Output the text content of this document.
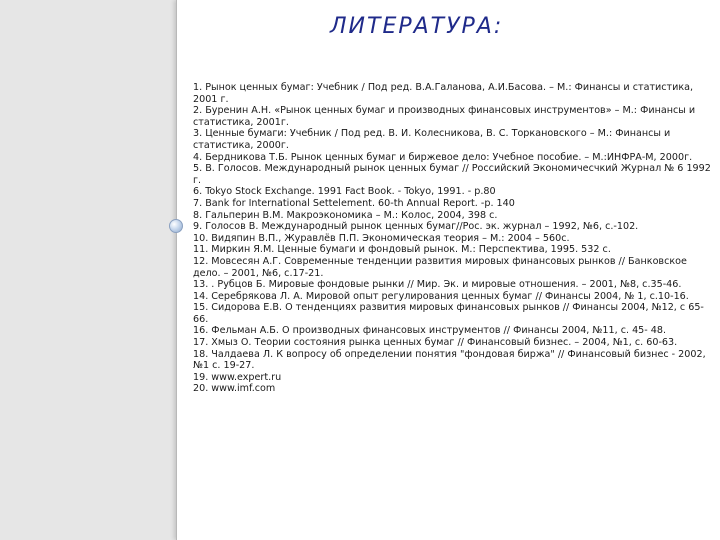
ЛИТЕРАТУРА:
1. Рынок ценных бумаг: Учебник / Под ред. В.А.Галанова, А.И.Басова. – М.: Финансы и статистика, 2001 г.
2. Буренин А.Н. «Рынок ценных бумаг и производных финансовых инструментов» – М.: Финансы и статистика, 2001г.
3. Ценные бумаги: Учебник / Под ред. В. И. Колесникова, В. С. Торкановского – М.: Финансы и статистика, 2000г.
4. Бердникова Т.Б. Рынок ценных бумаг и биржевое дело: Учебное пособие. – М.:ИНФРА-М, 2000г.
5. В. Голосов. Международный рынок ценных бумаг // Российский Экономичесчкий Журнал № 6 1992 г.
6. Tokyo Stock Exchange. 1991 Fact Book. - Tokyo, 1991. - p.80
7. Bank for International Settelement. 60-th Annual Report. -p. 140
8. Гальперин В.М. Макроэкономика – М.: Колос, 2004, 398 с.
9. Голосов В. Международный рынок ценных бумаг//Рос. эк. журнал – 1992, №6, с.-102.
10. Видяпин В.П., Журавлёв П.П. Экономическая теория – М.: 2004 – 560с.
11. Миркин Я.М. Ценные бумаги и фондовый рынок. М.: Перспектива, 1995. 532 с.
12. Мовсесян А.Г. Современные тенденции развития мировых финансовых рынков // Банковское дело. – 2001, №6, с.17-21.
13. . Рубцов Б. Мировые фондовые рынки // Мир. Эк. и мировые отношения. – 2001, №8, с.35-46.
14. Серебрякова Л. А. Мировой опыт регулирования ценных бумаг // Финансы 2004, № 1, с.10-16.
15. Сидорова Е.В. О тенденциях развития мировых финансовых рынков // Финансы 2004, №12, с 65-66.
16. Фельман А.Б. О производных финансовых инструментов // Финансы 2004, №11, с. 45- 48.
17. Хмыз О. Теории состояния рынка ценных бумаг // Финансовый бизнес. – 2004, №1, с. 60-63.
18. Чалдаева Л. К вопросу об определении понятия "фондовая биржа" // Финансовый бизнес - 2002, №1 с. 19-27.
19. www.expert.ru
20. www.imf.com
